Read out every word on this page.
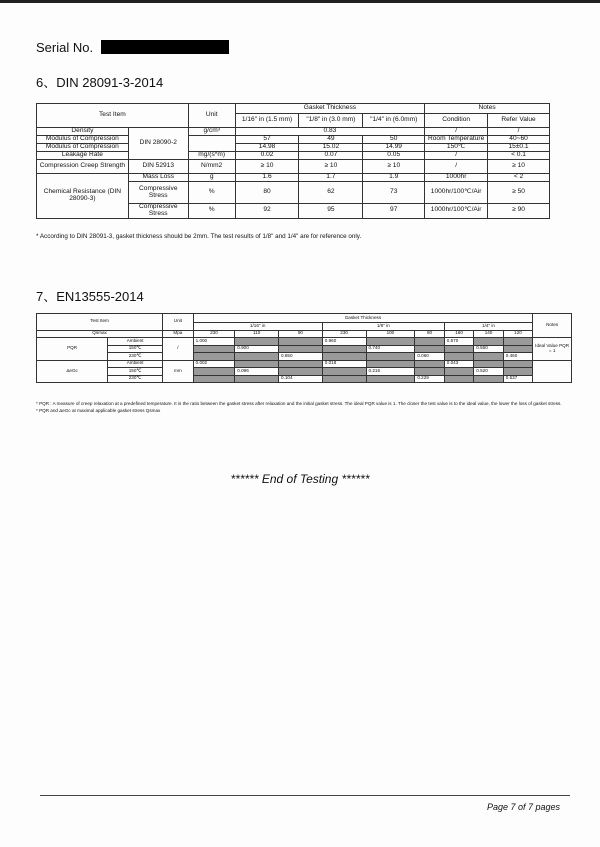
Serial No.
6、DIN 28091-3-2014
Test Item		Unit	Gasket Thickness			Notes	
			1/16" in (1.5 mm)	"1/8" in (3.0 mm)	"1/4" in (6.0mm)	Condition	Refer Value
Density	DIN 28090-2	g/cm³	0.83			/	/
Modulus of Compression			57	49	50	Room Temperature	40~60
Modulus of Compression			14.98	15.02	14.99	150℃	15±0.1
Leakage Rate		mg/(s*m)	0.02	0.07	0.05	/	< 0.1
Compression Creep Strength	DIN 52913	N/mm2	≥ 10	≥ 10	≥ 10	/	≥ 10
Chemical Resistance (DIN 28090-3)	Mass Loss	g	1.6	1.7	1.9	1000hr	< 2
	Compressive Stress	%	80	62	73	1000hr/100℃/Air	≥ 50
	Compressive Stress	%	92	95	97	1000hr/100℃/Air	≥ 90
* According to DIN 28091-3, gasket thickness should be 2mm. The test results of 1/8" and 1/4" are for reference only.
7、EN13555-2014
Test Item		Unit	Gasket Thickness									Notes
			1/16" in			1/8" in			1/4" in			
Qsmax		Mpa	230	110	90	230	100	80	160	140	120	
PQR	Ambient	/	1.000			0.960			0.570			Ideal Value PQR = 1
	150℃			0.900			0.740			0.560		
	230℃				0.850			0.060			0.460	
ΔeGc	Ambient	mm	0.002			0.018			0.043			
	150℃			0.096			0.216			0.520		
	230℃				0.104			0.229			0.537	
* PQR : A measure of creep relaxation at a predefined temperature. It is the ratio between the gasket stress after relaxation and the initial gasket stress. The ideal PQR value is 1. The closer the test value is to the ideal value, the lower the loss of gasket stress.
* PQR and ΔeGc at maximal applicable gasket stress Qsmax
****** End of Testing ******
Page 7 of 7 pages
